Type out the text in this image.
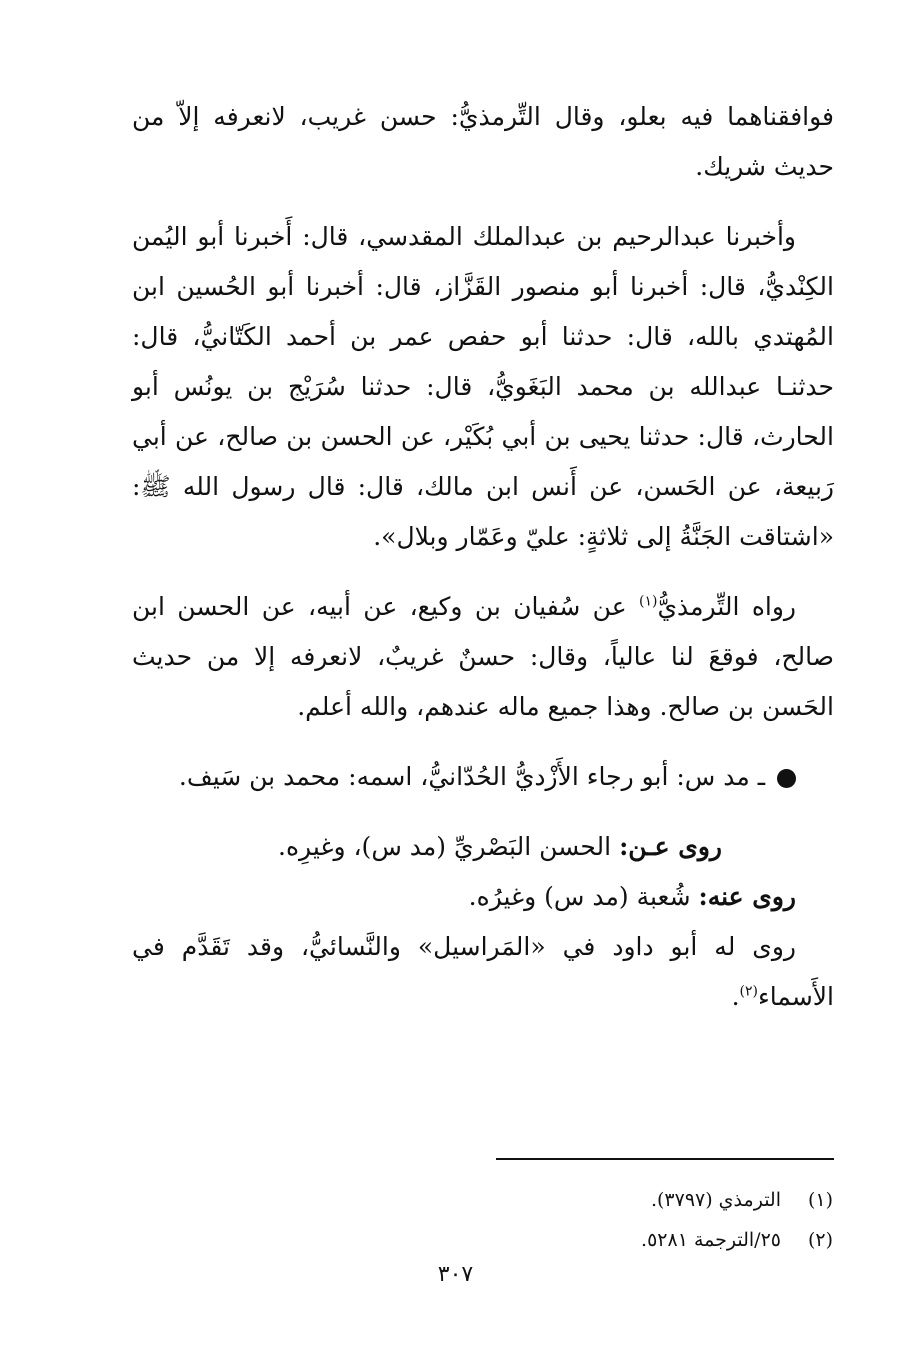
فوافقناهما فيه بعلو، وقال التِّرمذيُّ: حسن غريب، لانعرفه إلاّ من حديث شريك.

وأخبرنا عبدالرحيم بن عبدالملك المقدسي، قال: أَخبرنا أبو اليُمن الكِنْديُّ، قال: أخبرنا أبو منصور القَزَّاز، قال: أخبرنا أبو الحُسين ابن المُهتدي بالله، قال: حدثنا أبو حفص عمر بن أحمد الكَتّانيُّ، قال: حدثنـا عبدالله بن محمد البَغَويُّ، قال: حدثنا سُرَيْج بن يونُس أبو الحارث، قال: حدثنا يحيى بن أبي بُكَيْر، عن الحسن بن صالح، عن أبي رَبيعة، عن الحَسن، عن أَنس ابن مالك، قال: قال رسول الله ﷺ: «اشتاقت الجَنَّةُ إلى ثلاثةٍ: عليّ وعَمّار وبلال».

رواه التِّرمذيُّ$^{(١)}$ عن سُفيان بن وكيع، عن أبيه، عن الحسن ابن صالح، فوقعَ لنا عالياً، وقال: حسنٌ غريبٌ، لانعرفه إلا من حديث الحَسن بن صالح. وهذا جميع ماله عندهم، والله أعلم.

ـ مد س: أبو رجاء الأَزْديُّ الحُدّانيُّ، اسمه: محمد بن سَيف.

روى عـن: الحسن البَصْريِّ (مد س)، وغيرِه.

روى عنه: شُعبة (مد س) وغيرُه.

روى له أبو داود في «المَراسيل» والنَّسائيُّ، وقد تَقَدَّم في الأَسماء$^{(٢)}$.

(١)الترمذي (٣٧٩٧).
(٢)٢٥/الترجمة ٥٢٨١.
٣٠٧
